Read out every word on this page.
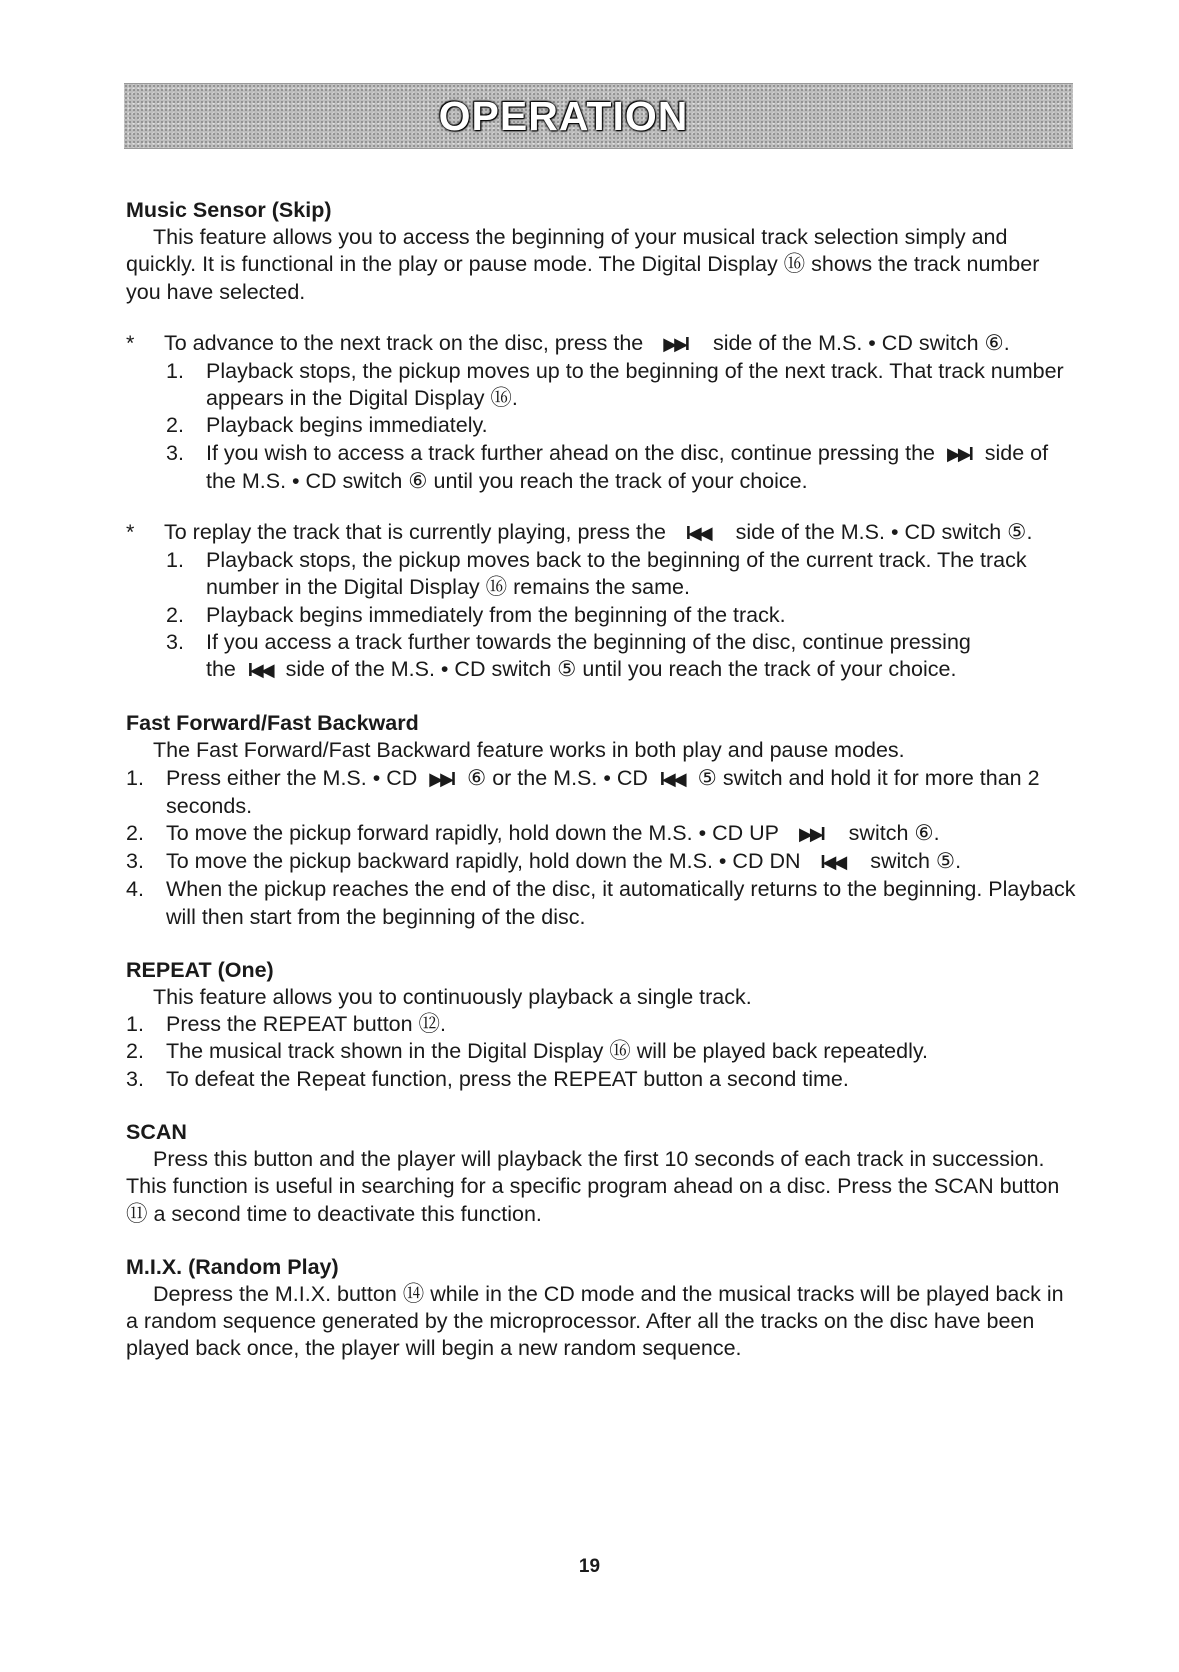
OPERATION
Music Sensor (Skip)
This feature allows you to access the beginning of your musical track selection simply and quickly. It is functional in the play or pause mode. The Digital Display ⑯ shows the track number you have selected.
* To advance to the next track on the disc, press the ▶▶I side of the M.S. • CD switch ⑥.
1. Playback stops, the pickup moves up to the beginning of the next track. That track number appears in the Digital Display ⑯.
2. Playback begins immediately.
3. If you wish to access a track further ahead on the disc, continue pressing the ▶▶I side of the M.S. • CD switch ⑥ until you reach the track of your choice.
* To replay the track that is currently playing, press the I◀◀ side of the M.S. • CD switch ⑤.
1. Playback stops, the pickup moves back to the beginning of the current track. The track number in the Digital Display ⑯ remains the same.
2. Playback begins immediately from the beginning of the track.
3. If you access a track further towards the beginning of the disc, continue pressing the I◀◀ side of the M.S. • CD switch ⑤ until you reach the track of your choice.
Fast Forward/Fast Backward
The Fast Forward/Fast Backward feature works in both play and pause modes.
1. Press either the M.S. • CD ▶▶I ⑥ or the M.S. • CD I◀◀ ⑤ switch and hold it for more than 2 seconds.
2. To move the pickup forward rapidly, hold down the M.S. • CD UP ▶▶I switch ⑥.
3. To move the pickup backward rapidly, hold down the M.S. • CD DN I◀◀ switch ⑤.
4. When the pickup reaches the end of the disc, it automatically returns to the beginning. Playback will then start from the beginning of the disc.
REPEAT (One)
This feature allows you to continuously playback a single track.
1. Press the REPEAT button ⑫.
2. The musical track shown in the Digital Display ⑯ will be played back repeatedly.
3. To defeat the Repeat function, press the REPEAT button a second time.
SCAN
Press this button and the player will playback the first 10 seconds of each track in succession. This function is useful in searching for a specific program ahead on a disc. Press the SCAN button ⑪ a second time to deactivate this function.
M.I.X. (Random Play)
Depress the M.I.X. button ⑭ while in the CD mode and the musical tracks will be played back in a random sequence generated by the microprocessor. After all the tracks on the disc have been played back once, the player will begin a new random sequence.
19
